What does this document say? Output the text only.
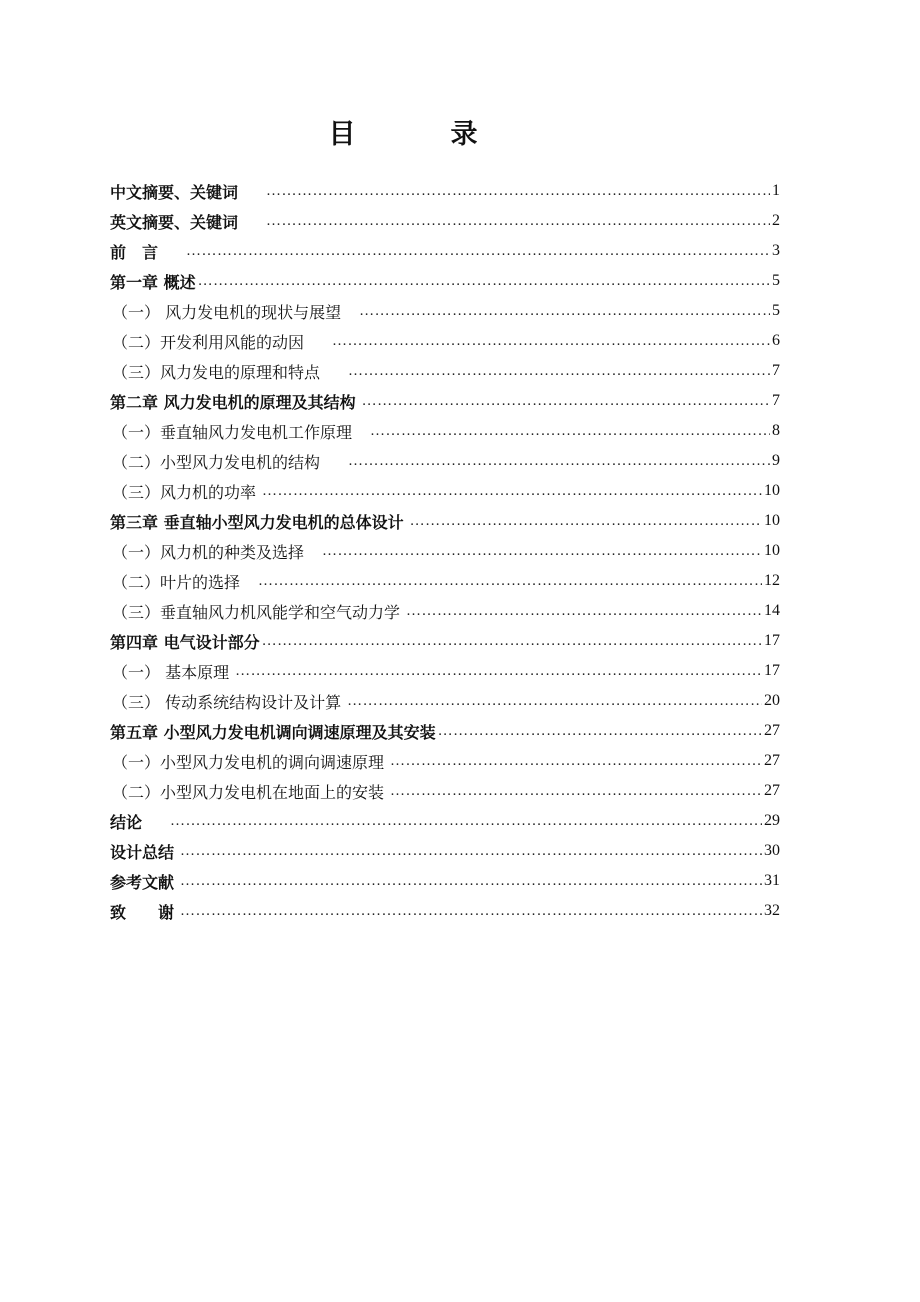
目　录
中文摘要、关键词 ……………………………………………………………………………………………………………………………………………………………………………	1
英文摘要、关键词 ……………………………………………………………………………………………………………………………………………………………………………	2
前　言 ……………………………………………………………………………………………………………………………………………………………………………	3
第一章 概述 ……………………………………………………………………………………………………………………………………………………………………………	5
（一） 风力发电机的现状与展望 ……………………………………………………………………………………………………………………………………………………………………………	5
（二）开发利用风能的动因 ……………………………………………………………………………………………………………………………………………………………………………	6
（三）风力发电的原理和特点 ……………………………………………………………………………………………………………………………………………………………………………	7
第二章 风力发电机的原理及其结构 ……………………………………………………………………………………………………………………………………………………………………………	7
（一）垂直轴风力发电机工作原理 ……………………………………………………………………………………………………………………………………………………………………………	8
（二）小型风力发电机的结构 ……………………………………………………………………………………………………………………………………………………………………………	9
（三）风力机的功率 ……………………………………………………………………………………………………………………………………………………………………………	10
第三章 垂直轴小型风力发电机的总体设计 ……………………………………………………………………………………………………………………………………………………………………………	10
（一）风力机的种类及选择 ……………………………………………………………………………………………………………………………………………………………………………	10
（二）叶片的选择 ……………………………………………………………………………………………………………………………………………………………………………	12
（三）垂直轴风力机风能学和空气动力学 ……………………………………………………………………………………………………………………………………………………………………………	14
第四章 电气设计部分 ……………………………………………………………………………………………………………………………………………………………………………	17
（一） 基本原理 ……………………………………………………………………………………………………………………………………………………………………………	17
（三） 传动系统结构设计及计算 ……………………………………………………………………………………………………………………………………………………………………………	20
第五章 小型风力发电机调向调速原理及其安装 ……………………………………………………………………………………………………………………………………………………………………………	27
（一）小型风力发电机的调向调速原理 ……………………………………………………………………………………………………………………………………………………………………………	27
（二）小型风力发电机在地面上的安装 ……………………………………………………………………………………………………………………………………………………………………………	27
结论 ……………………………………………………………………………………………………………………………………………………………………………	29
设计总结 ……………………………………………………………………………………………………………………………………………………………………………	30
参考文献 ……………………………………………………………………………………………………………………………………………………………………………	31
致　　谢 ……………………………………………………………………………………………………………………………………………………………………………	32
